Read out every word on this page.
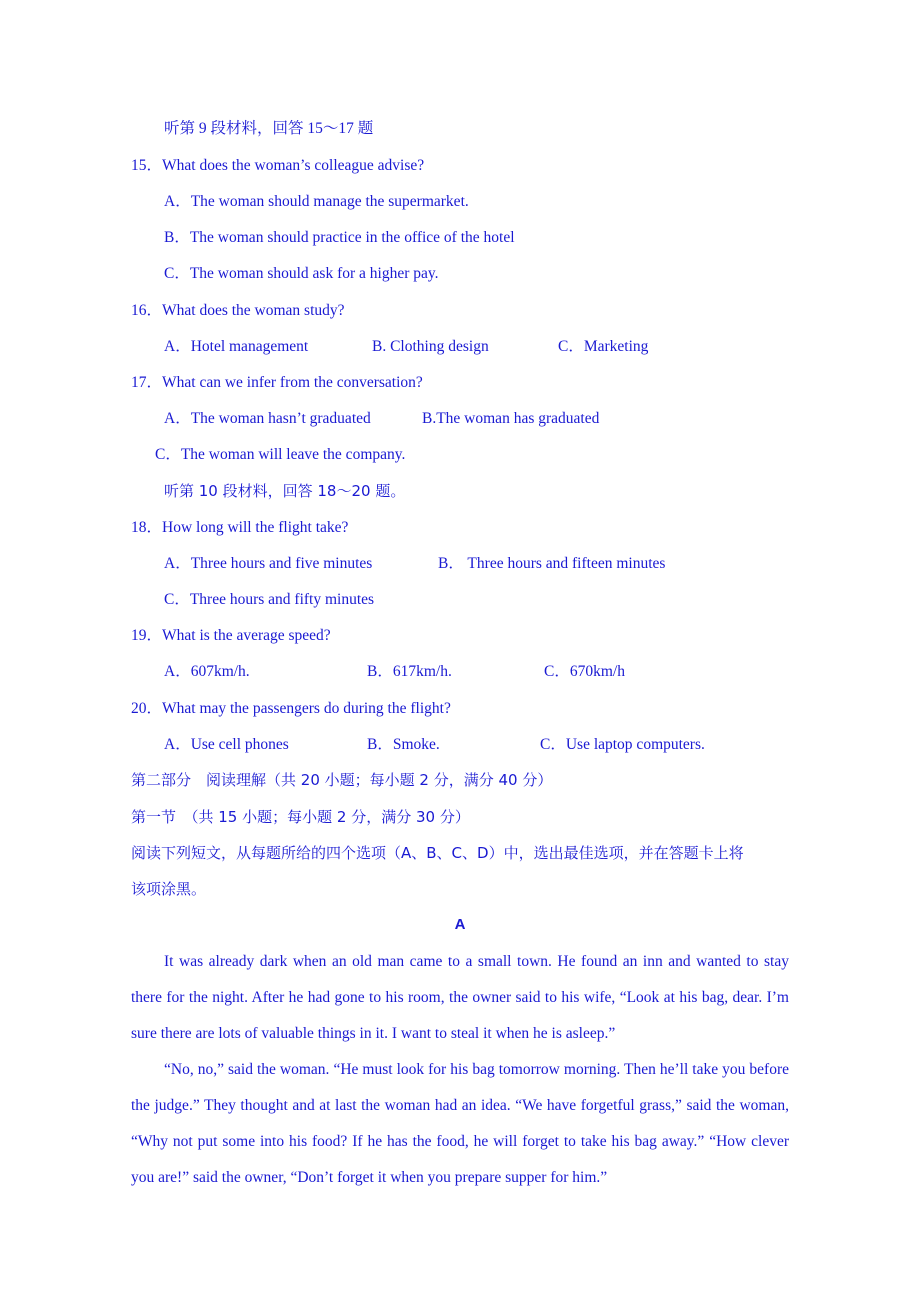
听第 9 段材料，回答 15～17 题
15．What does the woman’s colleague advise?
A．The woman should manage the supermarket.
B．The woman should practice in the office of the hotel
C．The woman should ask for a higher pay.
16．What does the woman study?
A．Hotel management	B. Clothing design	C．Marketing
17．What can we infer from the conversation?
A．The woman hasn’t graduated	B.The woman has graduated
C．The woman will leave the company.
听第 10 段材料，回答 18～20 题。
18．How long will the flight take?
A．Three hours and five minutes	B． Three hours and fifteen minutes
C．Three hours and fifty minutes
19．What is the average speed?
A．607km/h.	B．617km/h.	C．670km/h
20．What may the passengers do during the flight?
A．Use cell phones	B．Smoke.	C．Use laptop computers.
第二部分　阅读理解（共 20 小题；每小题 2 分，满分 40 分）
第一节　（共 15 小题；每小题 2 分，满分 30 分）
阅读下列短文，从每题所给的四个选项（A、B、C、D）中，选出最佳选项，并在答题卡上将
该项涂黑。
A

It was already dark when an old man came to a small town. He found an inn and wanted to stay there for the night. After he had gone to his room, the owner said to his wife, “Look at his bag, dear. I’m sure there are lots of valuable things in it. I want to steal it when he is asleep.”

“No, no,” said the woman. “He must look for his bag tomorrow morning. Then he’ll take you before the judge.” They thought and at last the woman had an idea. “We have forgetful grass,” said the woman, “Why not put some into his food? If he has the food, he will forget to take his bag away.” “How clever you are!” said the owner, “Don’t forget it when you prepare supper for him.”
